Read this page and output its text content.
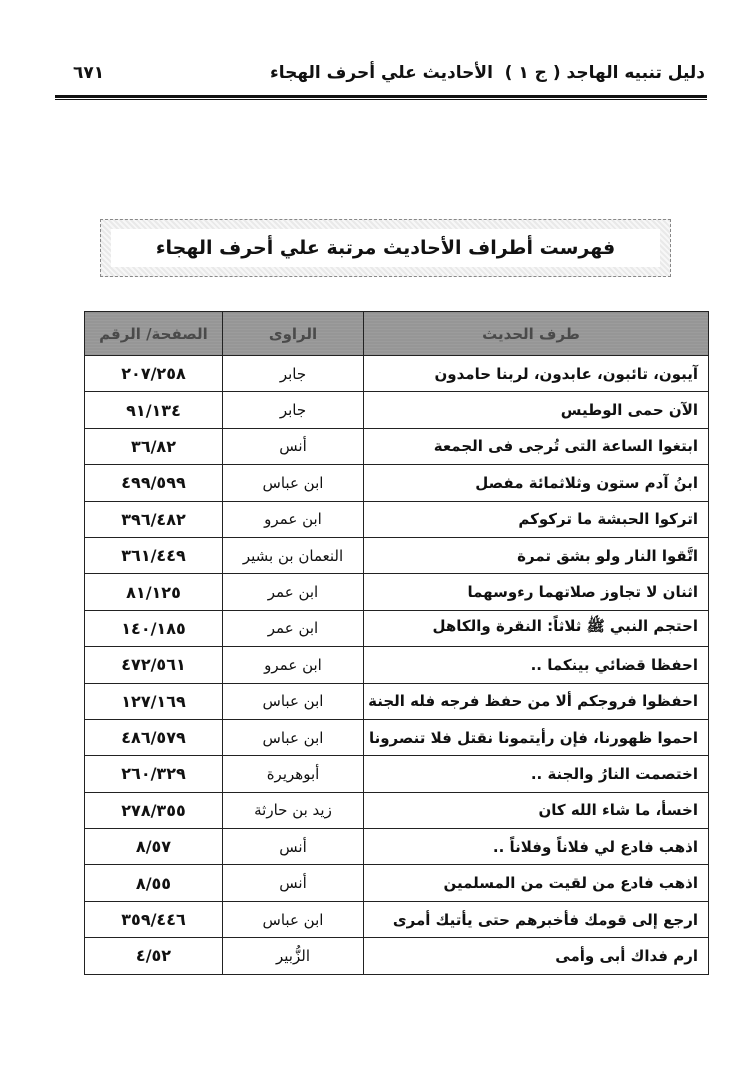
دليل تنبيه الهاجد ( ج ١ )
الأحاديث علي أحرف الهجاء
٦٧١
فهرست أطراف الأحاديث مرتبة علي أحرف الهجاء
طرف الحديث	الراوى	الصفحة/ الرقم
آيبون، تائبون، عابدون، لربنا حامدون	جابر	٢٠٧/٢٥٨
الآن حمى الوطيس	جابر	٩١/١٣٤
ابتغوا الساعة التى تُرجى فى الجمعة	أنس	٣٦/٨٢
ابنُ آدم ستون وثلاثمائة مفصل	ابن عباس	٤٩٩/٥٩٩
اتركوا الحبشة ما تركوكم	ابن عمرو	٣٩٦/٤٨٢
اتَّقوا النار ولو بشق تمرة	النعمان بن بشير	٣٦١/٤٤٩
اثنان لا تجاوز صلاتهما رءوسهما	ابن عمر	٨١/١٢٥
احتجم النبي ﷺ ثلاثاً: النقرة والكاهل	ابن عمر	١٤٠/١٨٥
احفظا قضائي بينكما ..	ابن عمرو	٤٧٢/٥٦١
احفظوا فروجكم ألا من حفظ فرجه فله الجنة	ابن عباس	١٢٧/١٦٩
احموا ظهورنا، فإن رأيتمونا نقتل فلا تنصرونا	ابن عباس	٤٨٦/٥٧٩
اختصمت النارُ والجنة ..	أبوهريرة	٢٦٠/٣٢٩
اخسأ، ما شاء الله كان	زيد بن حارثة	٢٧٨/٣٥٥
اذهب فادع لي فلاناً وفلاناً ..	أنس	٨/٥٧
اذهب فادع من لقيت من المسلمين	أنس	٨/٥٥
ارجع إلى قومك فأخبرهم حتى يأتيك أمرى	ابن عباس	٣٥٩/٤٤٦
ارم فداك أبى وأمى	الزُّبير	٤/٥٢
